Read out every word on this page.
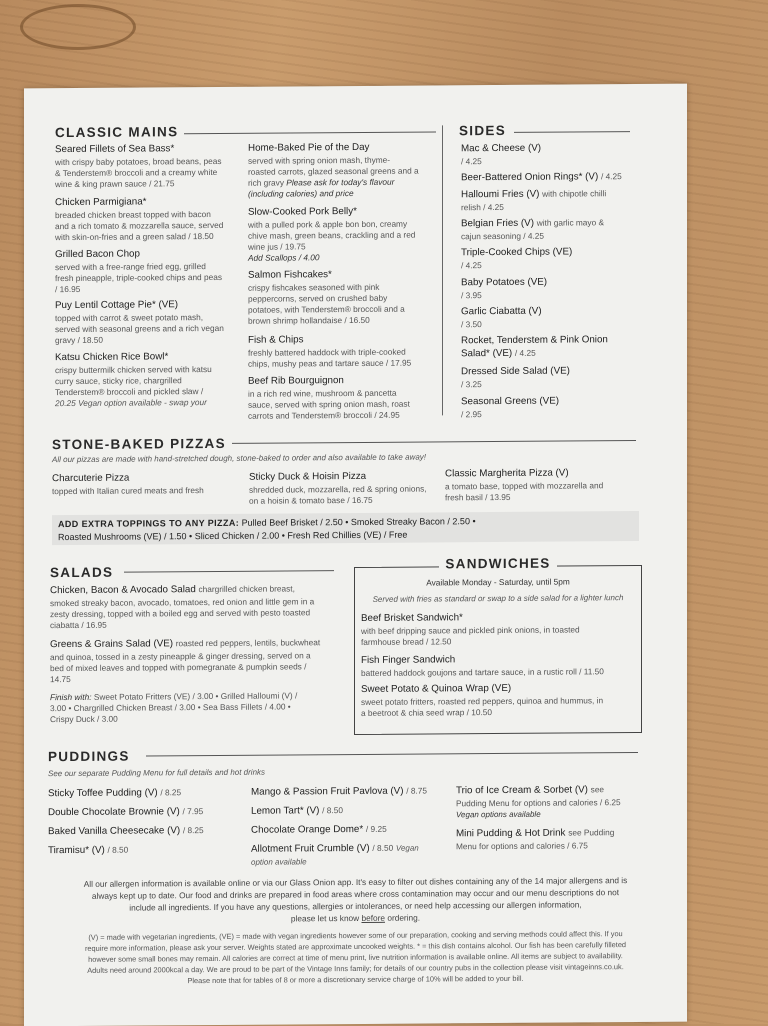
CLASSIC MAINS
Seared Fillets of Sea Bass*
with crispy baby potatoes, broad beans, peas
& Tenderstem® broccoli and a creamy white
wine & king prawn sauce / 21.75
Chicken Parmigiana*
breaded chicken breast topped with bacon
and a rich tomato & mozzarella sauce, served
with skin-on-fries and a green salad / 18.50
Grilled Bacon Chop
served with a free-range fried egg, grilled
fresh pineapple, triple-cooked chips and peas
/ 16.95
Puy Lentil Cottage Pie* (VE)
topped with carrot & sweet potato mash,
served with seasonal greens and a rich vegan
gravy / 18.50
Katsu Chicken Rice Bowl*
crispy buttermilk chicken served with katsu
curry sauce, sticky rice, chargrilled
Tenderstem® broccoli and pickled slaw /
20.25 Vegan option available - swap your
Home-Baked Pie of the Day
served with spring onion mash, thyme-
roasted carrots, glazed seasonal greens and a
rich gravy Please ask for today's flavour
(including calories) and price
Slow-Cooked Pork Belly*
with a pulled pork & apple bon bon, creamy
chive mash, green beans, crackling and a red
wine jus / 19.75
Add Scallops / 4.00
Salmon Fishcakes*
crispy fishcakes seasoned with pink
peppercorns, served on crushed baby
potatoes, with Tenderstem® broccoli and a
brown shrimp hollandaise / 16.50
Fish & Chips
freshly battered haddock with triple-cooked
chips, mushy peas and tartare sauce / 17.95
Beef Rib Bourguignon
in a rich red wine, mushroom & pancetta
sauce, served with spring onion mash, roast
carrots and Tenderstem® broccoli / 24.95
SIDES
Mac & Cheese (V)
/ 4.25
Beer-Battered Onion Rings* (V) / 4.25
Halloumi Fries (V) with chipotle chilli
relish / 4.25
Belgian Fries (V) with garlic mayo &
cajun seasoning / 4.25
Triple-Cooked Chips (VE)
/ 4.25
Baby Potatoes (VE)
/ 3.95
Garlic Ciabatta (V)
/ 3.50
Rocket, Tenderstem & Pink Onion
Salad* (VE) / 4.25
Dressed Side Salad (VE)
/ 3.25
Seasonal Greens (VE)
/ 2.95
STONE-BAKED PIZZAS
All our pizzas are made with hand-stretched dough, stone-baked to order and also available to take away!
Charcuterie Pizza
topped with Italian cured meats and fresh
Sticky Duck & Hoisin Pizza
shredded duck, mozzarella, red & spring onions,
on a hoisin & tomato base / 16.75
Classic Margherita Pizza (V)
a tomato base, topped with mozzarella and
fresh basil / 13.95
ADD EXTRA TOPPINGS TO ANY PIZZA: Pulled Beef Brisket / 2.50 • Smoked Streaky Bacon / 2.50 •
Roasted Mushrooms (VE) / 1.50 • Sliced Chicken / 2.00 • Fresh Red Chillies (VE) / Free
SALADS
Chicken, Bacon & Avocado Salad chargrilled chicken breast,
smoked streaky bacon, avocado, tomatoes, red onion and little gem in a
zesty dressing, topped with a boiled egg and served with pesto toasted
ciabatta / 16.95
Greens & Grains Salad (VE) roasted red peppers, lentils, buckwheat
and quinoa, tossed in a zesty pineapple & ginger dressing, served on a
bed of mixed leaves and topped with pomegranate & pumpkin seeds /
14.75
Finish with: Sweet Potato Fritters (VE) / 3.00 • Grilled Halloumi (V) /
3.00 • Chargrilled Chicken Breast / 3.00 • Sea Bass Fillets / 4.00 •
Crispy Duck / 3.00
SANDWICHES
Available Monday - Saturday, until 5pm
Served with fries as standard or swap to a side salad for a lighter lunch
Beef Brisket Sandwich*
with beef dripping sauce and pickled pink onions, in toasted
farmhouse bread / 12.50
Fish Finger Sandwich
battered haddock goujons and tartare sauce, in a rustic roll / 11.50
Sweet Potato & Quinoa Wrap (VE)
sweet potato fritters, roasted red peppers, quinoa and hummus, in
a beetroot & chia seed wrap / 10.50
PUDDINGS
See our separate Pudding Menu for full details and hot drinks
Sticky Toffee Pudding (V) / 8.25
Double Chocolate Brownie (V) / 7.95
Baked Vanilla Cheesecake (V) / 8.25
Tiramisu* (V) / 8.50
Mango & Passion Fruit Pavlova (V) / 8.75
Lemon Tart* (V) / 8.50
Chocolate Orange Dome* / 9.25
Allotment Fruit Crumble (V) / 8.50 Vegan
option available
Trio of Ice Cream & Sorbet (V) see
Pudding Menu for options and calories / 6.25
Vegan options available
Mini Pudding & Hot Drink see Pudding
Menu for options and calories / 6.75
All our allergen information is available online or via our Glass Onion app. It's easy to filter out dishes containing any of the 14 major allergens and is
always kept up to date. Our food and drinks are prepared in food areas where cross contamination may occur and our menu descriptions do not
include all ingredients. If you have any questions, allergies or intolerances, or need help accessing our allergen information,
please let us know before ordering.
(V) = made with vegetarian ingredients, (VE) = made with vegan ingredients however some of our preparation, cooking and serving methods could affect this. If you
require more information, please ask your server. Weights stated are approximate uncooked weights. * = this dish contains alcohol. Our fish has been carefully filleted
however some small bones may remain. All calories are correct at time of menu print, live nutrition information is available online. All items are subject to availability.
Adults need around 2000kcal a day. We are proud to be part of the Vintage Inns family; for details of our country pubs in the collection please visit vintageinns.co.uk.
Please note that for tables of 8 or more a discretionary service charge of 10% will be added to your bill.
